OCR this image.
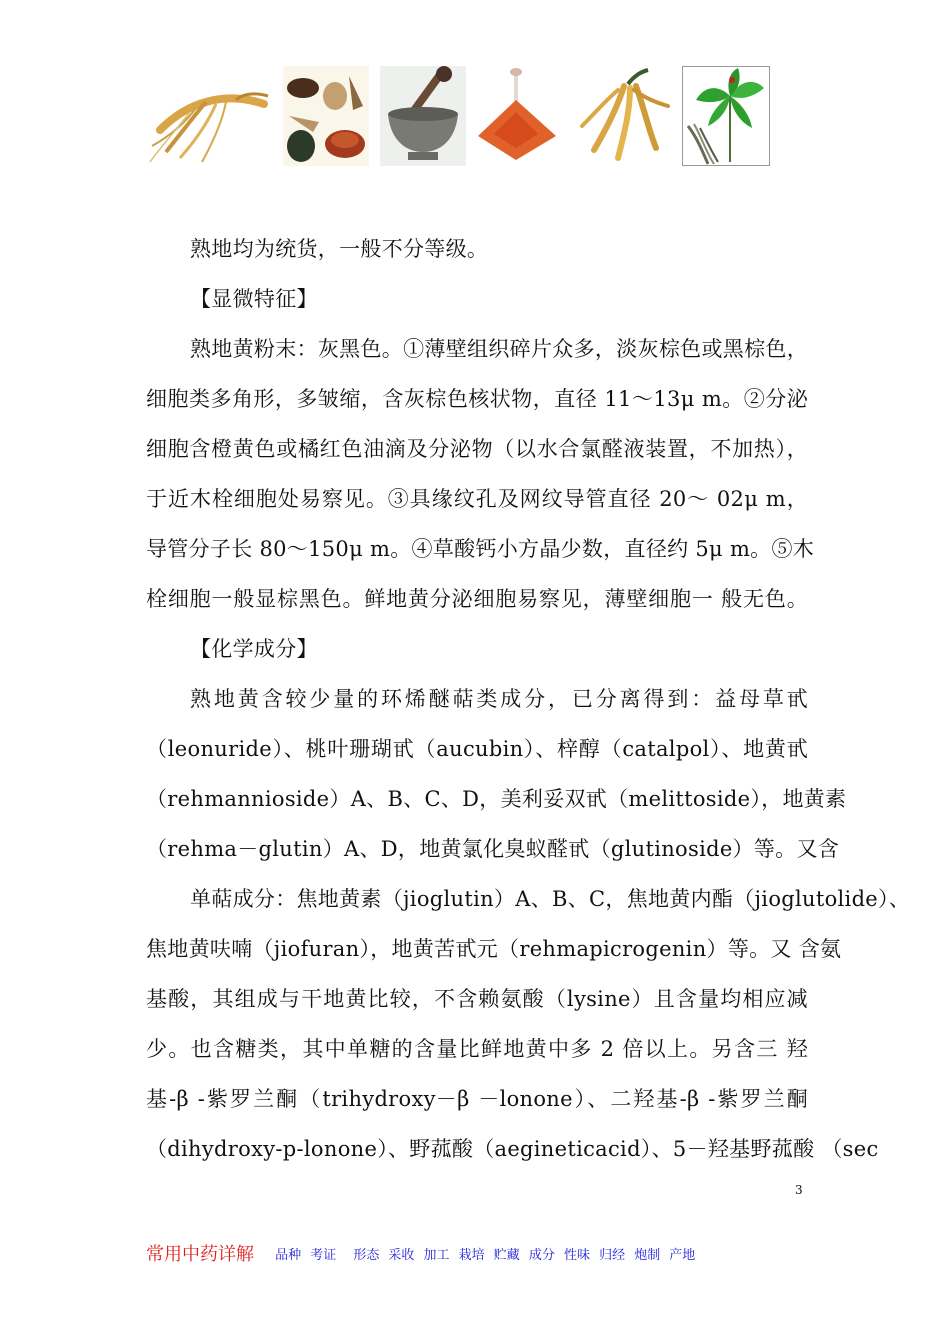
熟地均为统货，一般不分等级。
【显微特征】
熟地黄粉末：灰黑色。①薄壁组织碎片众多，淡灰棕色或黑棕色，
细胞类多角形，多皱缩，含灰棕色核状物，直径 11～13μ m。②分泌
细胞含橙黄色或橘红色油滴及分泌物（以水合氯醛液装置，不加热），
于近木栓细胞处易察见。③具缘纹孔及网纹导管直径 20～ 02μ m，
导管分子长 80～150μ m。④草酸钙小方晶少数，直径约 5μ m。⑤木
栓细胞一般显棕黑色。鲜地黄分泌细胞易察见，薄壁细胞一 般无色。
【化学成分】
熟地黄含较少量的环烯醚萜类成分，已分离得到：益母草甙
（leonuride）、桃叶珊瑚甙（aucubin）、梓醇（catalpol）、地黄甙
（rehmannioside）A、B、C、D，美利妥双甙（melittoside），地黄素
（rehma－glutin）A、D，地黄氯化臭蚁醛甙（glutinoside）等。又含
单萜成分：焦地黄素（jioglutin）A、B、C，焦地黄内酯（jioglutolide）、
焦地黄呋喃（jiofuran），地黄苦甙元（rehmapicrogenin）等。又 含氨
基酸，其组成与干地黄比较，不含赖氨酸（lysine）且含量均相应减
少。也含糖类，其中单糖的含量比鲜地黄中多 2 倍以上。另含三 羟
基-β -紫罗兰酮（trihydroxy－β －lonone）、二羟基-β -紫罗兰酮
（dihydroxy-p-lonone）、野菰酸（aegineticacid）、5－羟基野菰酸 （sec
3
常用中药详解 品种 考证 形态 采收 加工 栽培 贮藏 成分 性味 归经 炮制 产地
